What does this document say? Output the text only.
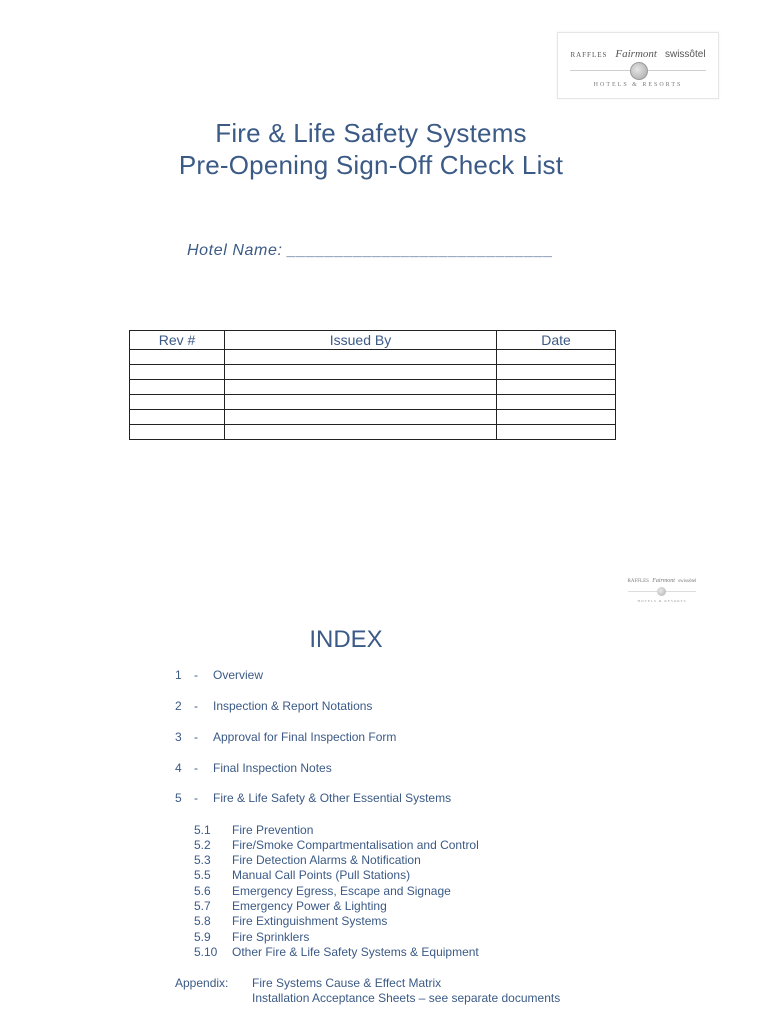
RAFFLES Fairmont swissôtel
HOTELS & RESORTS
Fire & Life Safety Systems
Pre-Opening Sign-Off Check List
Hotel Name: ____________________________
Rev #	Issued By	Date

RAFFLES Fairmont swissôtel
HOTELS & RESORTS
INDEX
1 - Overview
2 - Inspection & Report Notations
3 - Approval for Final Inspection Form
4 - Final Inspection Notes
5 - Fire & Life Safety & Other Essential Systems
5.1 Fire Prevention
5.2 Fire/Smoke Compartmentalisation and Control
5.3 Fire Detection Alarms & Notification
5.5 Manual Call Points (Pull Stations)
5.6 Emergency Egress, Escape and Signage
5.7 Emergency Power & Lighting
5.8 Fire Extinguishment Systems
5.9 Fire Sprinklers
5.10 Other Fire & Life Safety Systems & Equipment
Appendix: Fire Systems Cause & Effect Matrix
Installation Acceptance Sheets – see separate documents
